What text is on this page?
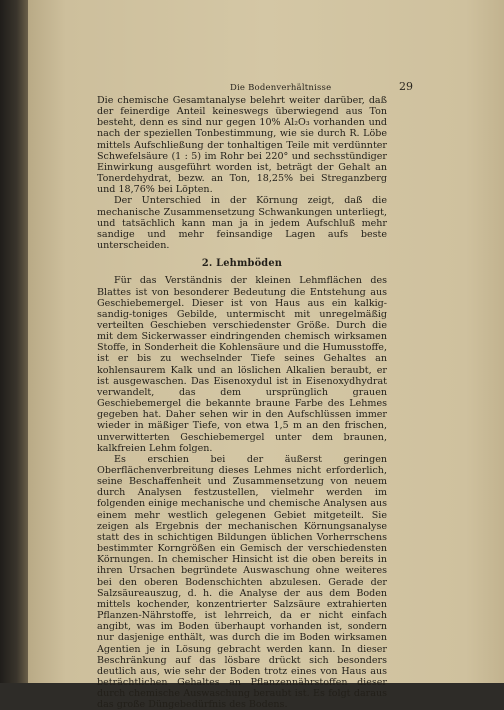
Die Bodenverhältnisse	29

Die chemische Gesamtanalyse belehrt weiter darüber, daß der feinerdige Anteil keineswegs überwiegend aus Ton besteht, denn es sind nur gegen 10% Al₂O₃ vorhanden und nach der speziellen Tonbestimmung, wie sie durch R. Löbe mittels Aufschließung der tonhaltigen Teile mit verdünnter Schwefelsäure (1 : 5) im Rohr bei 220° und sechsstündiger Einwirkung ausgeführt worden ist, beträgt der Gehalt an Tonerdehydrat, bezw. an Ton, 18,25% bei Streganzberg und 18,76% bei Löpten.

Der Unterschied in der Körnung zeigt, daß die mechanische Zusammensetzung Schwankungen unterliegt, und tatsächlich kann man ja in jedem Aufschluß mehr sandige und mehr feinsandige Lagen aufs beste unterscheiden.

2. Lehmböden

Für das Verständnis der kleinen Lehmflächen des Blattes ist von besonderer Bedeutung die Entstehung aus Geschiebemergel. Dieser ist von Haus aus ein kalkig-sandig-toniges Gebilde, untermischt mit unregelmäßig verteilten Geschieben verschiedenster Größe. Durch die mit dem Sickerwasser eindringenden chemisch wirksamen Stoffe, in Sonderheit die Kohlensäure und die Humusstoffe, ist er bis zu wechselnder Tiefe seines Gehaltes an kohlensaurem Kalk und an löslichen Alkalien beraubt, er ist ausgewaschen. Das Eisenoxydul ist in Eisenoxydhydrat verwandelt, das dem ursprünglich grauen Geschiebemergel die bekannte braune Farbe des Lehmes gegeben hat. Daher sehen wir in den Aufschlüssen immer wieder in mäßiger Tiefe, von etwa 1,5 m an den frischen, unverwitterten Geschiebemergel unter dem braunen, kalkfreien Lehm folgen.

Es erschien bei der äußerst geringen Oberflächenverbreitung dieses Lehmes nicht erforderlich, seine Beschaffenheit und Zusammensetzung von neuem durch Analysen festzustellen, vielmehr werden im folgenden einige mechanische und chemische Analysen aus einem mehr westlich gelegenen Gebiet mitgeteilt. Sie zeigen als Ergebnis der mechanischen Körnungsanalyse statt des in schichtigen Bildungen üblichen Vorherrschens bestimmter Korngrößen ein Gemisch der verschiedensten Körnungen. In chemischer Hinsicht ist die oben bereits in ihren Ursachen begründete Auswaschung ohne weiteres bei den oberen Bodenschichten abzulesen. Gerade der Salzsäureauszug, d. h. die Analyse der aus dem Boden mittels kochender, konzentrierter Salzsäure extrahierten Pflanzen-Nährstoffe, ist lehrreich, da er nicht einfach angibt, was im Boden überhaupt vorhanden ist, sondern nur dasjenige enthält, was durch die im Boden wirksamen Agentien je in Lösung gebracht werden kann. In dieser Beschränkung auf das lösbare drückt sich besonders deutlich aus, wie sehr der Boden trotz eines von Haus aus beträchtlichen Gehaltes an Pflanzennährstoffen dieser durch chemische Auswaschung beraubt ist. Es folgt daraus das große Düngebedürfnis des Bodens.
